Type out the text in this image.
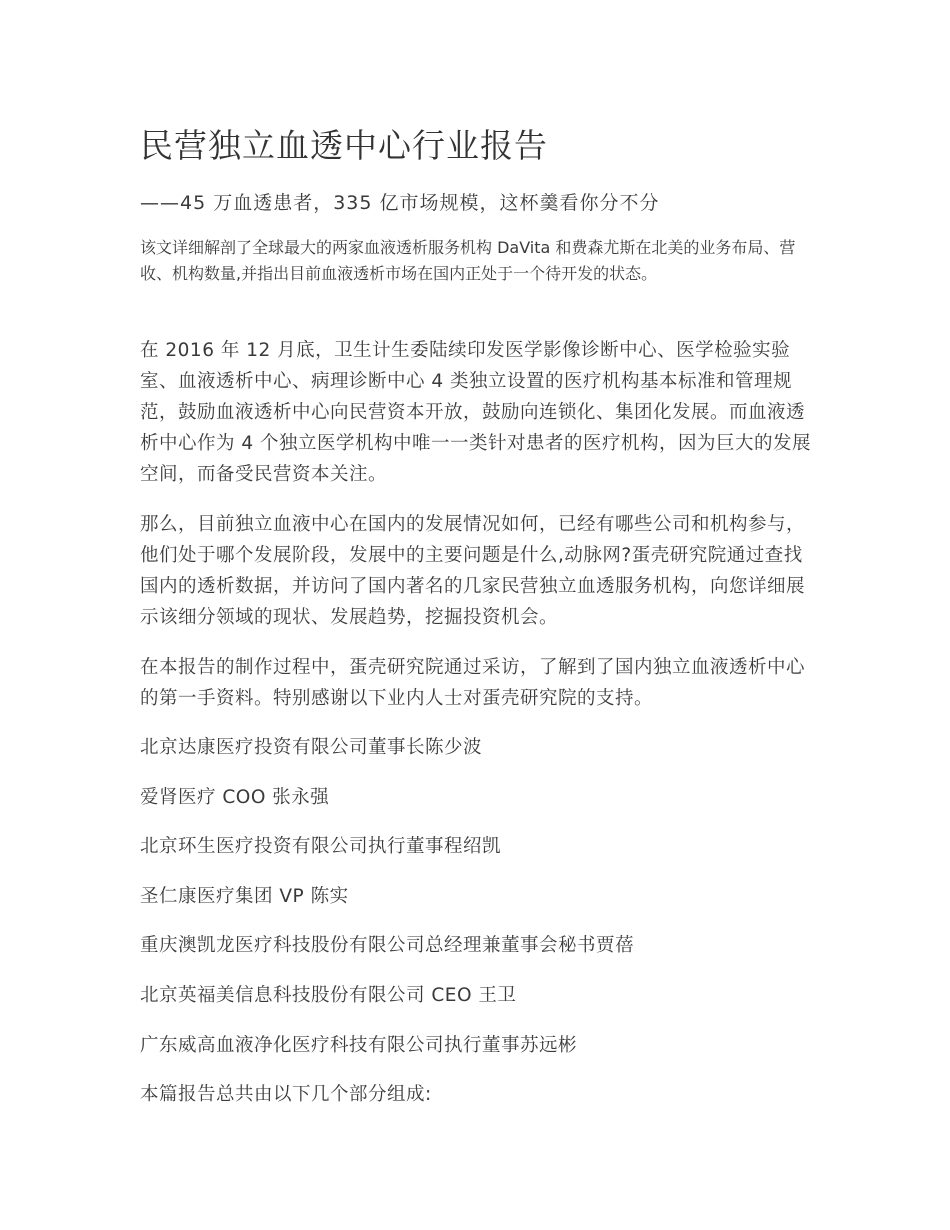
民营独立血透中心行业报告

——45 万血透患者，335 亿市场规模，这杯羹看你分不分

该文详细解剖了全球最大的两家血液透析服务机构 DaVita 和费森尤斯在北美的业务布局、营收、机构数量,并指出目前血液透析市场在国内正处于一个待开发的状态。

在 2016 年 12 月底，卫生计生委陆续印发医学影像诊断中心、医学检验实验室、血液透析中心、病理诊断中心 4 类独立设置的医疗机构基本标准和管理规范，鼓励血液透析中心向民营资本开放，鼓励向连锁化、集团化发展。而血液透析中心作为 4 个独立医学机构中唯一一类针对患者的医疗机构，因为巨大的发展空间，而备受民营资本关注。

那么，目前独立血液中心在国内的发展情况如何，已经有哪些公司和机构参与，他们处于哪个发展阶段，发展中的主要问题是什么,动脉网?蛋壳研究院通过查找国内的透析数据，并访问了国内著名的几家民营独立血透服务机构，向您详细展示该细分领域的现状、发展趋势，挖掘投资机会。

在本报告的制作过程中，蛋壳研究院通过采访，了解到了国内独立血液透析中心的第一手资料。特别感谢以下业内人士对蛋壳研究院的支持。

北京达康医疗投资有限公司董事长陈少波

爱肾医疗 COO 张永强

北京环生医疗投资有限公司执行董事程绍凯

圣仁康医疗集团 VP 陈实

重庆澳凯龙医疗科技股份有限公司总经理兼董事会秘书贾蓓

北京英福美信息科技股份有限公司 CEO 王卫

广东威高血液净化医疗科技有限公司执行董事苏远彬

本篇报告总共由以下几个部分组成:
